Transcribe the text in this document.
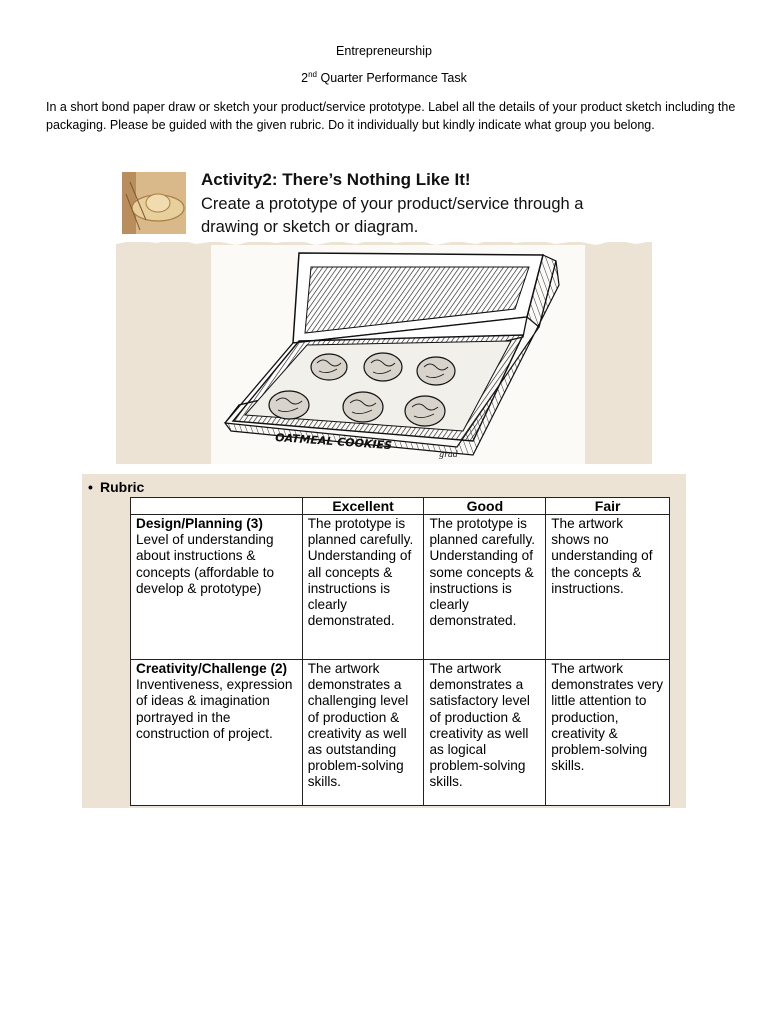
Entrepreneurship
2nd Quarter Performance Task

In a short bond paper draw or sketch your product/service prototype. Label all the details of your product sketch including the packaging. Please be guided with the given rubric. Do it individually but kindly indicate what group you belong.

Activity2: There’s Nothing Like It!
Create a prototype of your product/service through a drawing or sketch or diagram.
OATMEAL COOKIES
grad
• Rubric
	Excellent	Good	Fair

Design/Planning (3)
Level of understanding about instructions & concepts (affordable to develop & prototype)	The prototype is planned carefully. Understanding of all concepts & instructions is clearly demonstrated.	The prototype is planned carefully. Understanding of some concepts & instructions is clearly demonstrated.	The artwork shows no understanding of the concepts & instructions.

Creativity/Challenge (2)
Inventiveness, expression of ideas & imagination portrayed in the construction of project.	The artwork demonstrates a challenging level of production & creativity as well as outstanding problem-solving skills.	The artwork demonstrates a satisfactory level of production & creativity as well as logical problem-solving skills.	The artwork demonstrates very little attention to production, creativity & problem-solving skills.
